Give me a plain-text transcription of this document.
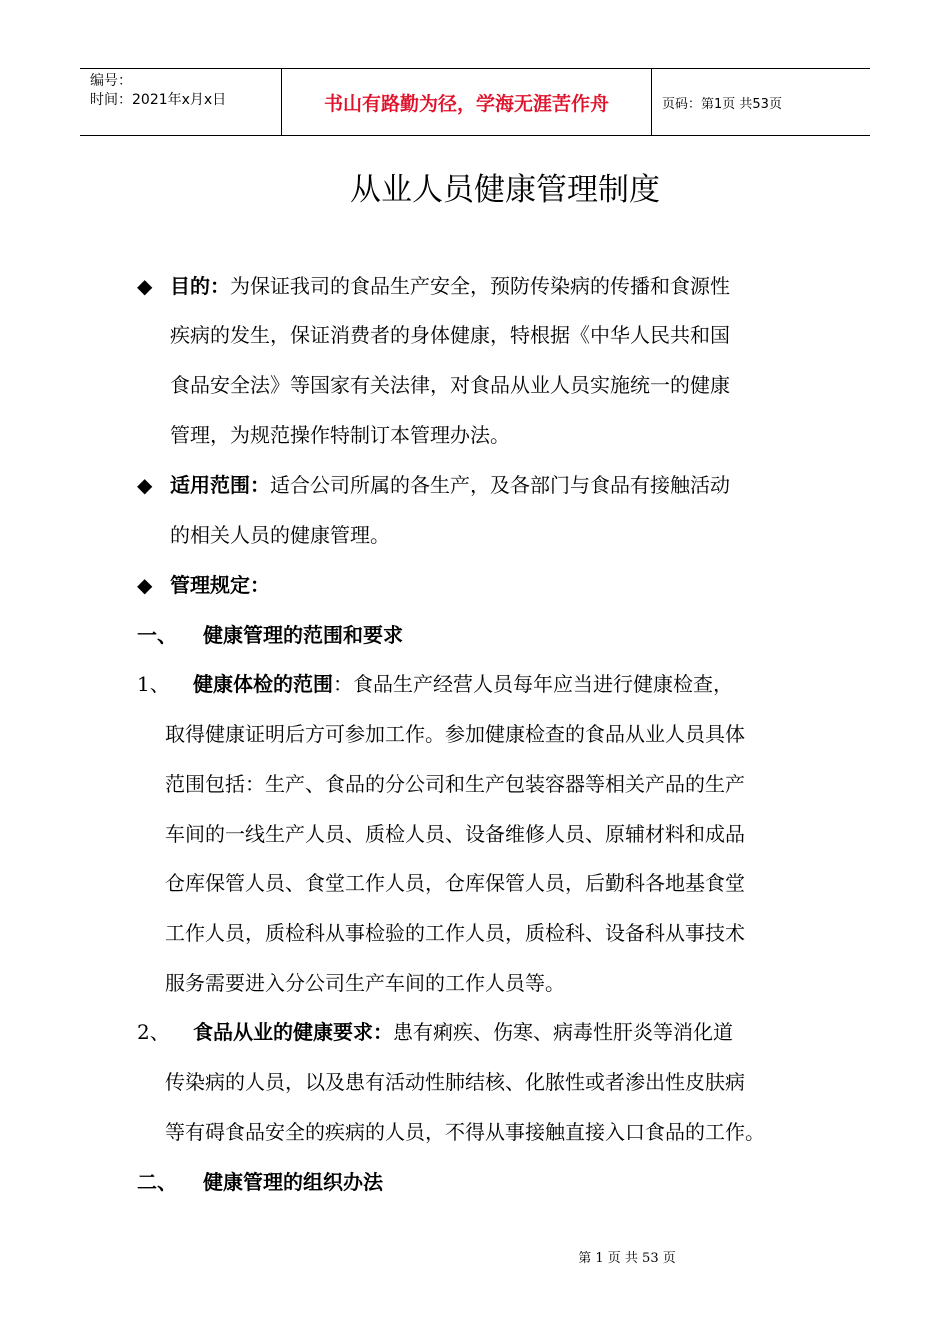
编号：
时间：2021年x月x日	书山有路勤为径，学海无涯苦作舟	页码：第1页 共53页
从业人员健康管理制度
◆ 目的：为保证我司的食品生产安全，预防传染病的传播和食源性
疾病的发生，保证消费者的身体健康，特根据《中华人民共和国
食品安全法》等国家有关法律，对食品从业人员实施统一的健康
管理，为规范操作特制订本管理办法。
◆ 适用范围：适合公司所属的各生产，及各部门与食品有接触活动
的相关人员的健康管理。
◆ 管理规定：
一、 健康管理的范围和要求
1、 健康体检的范围：食品生产经营人员每年应当进行健康检查，
取得健康证明后方可参加工作。参加健康检查的食品从业人员具体
范围包括：生产、食品的分公司和生产包装容器等相关产品的生产
车间的一线生产人员、质检人员、设备维修人员、原辅材料和成品
仓库保管人员、食堂工作人员，仓库保管人员，后勤科各地基食堂
工作人员，质检科从事检验的工作人员，质检科、设备科从事技术
服务需要进入分公司生产车间的工作人员等。
2、 食品从业的健康要求：患有痢疾、伤寒、病毒性肝炎等消化道
传染病的人员，以及患有活动性肺结核、化脓性或者渗出性皮肤病
等有碍食品安全的疾病的人员，不得从事接触直接入口食品的工作。
二、 健康管理的组织办法
第 1 页 共 53 页
